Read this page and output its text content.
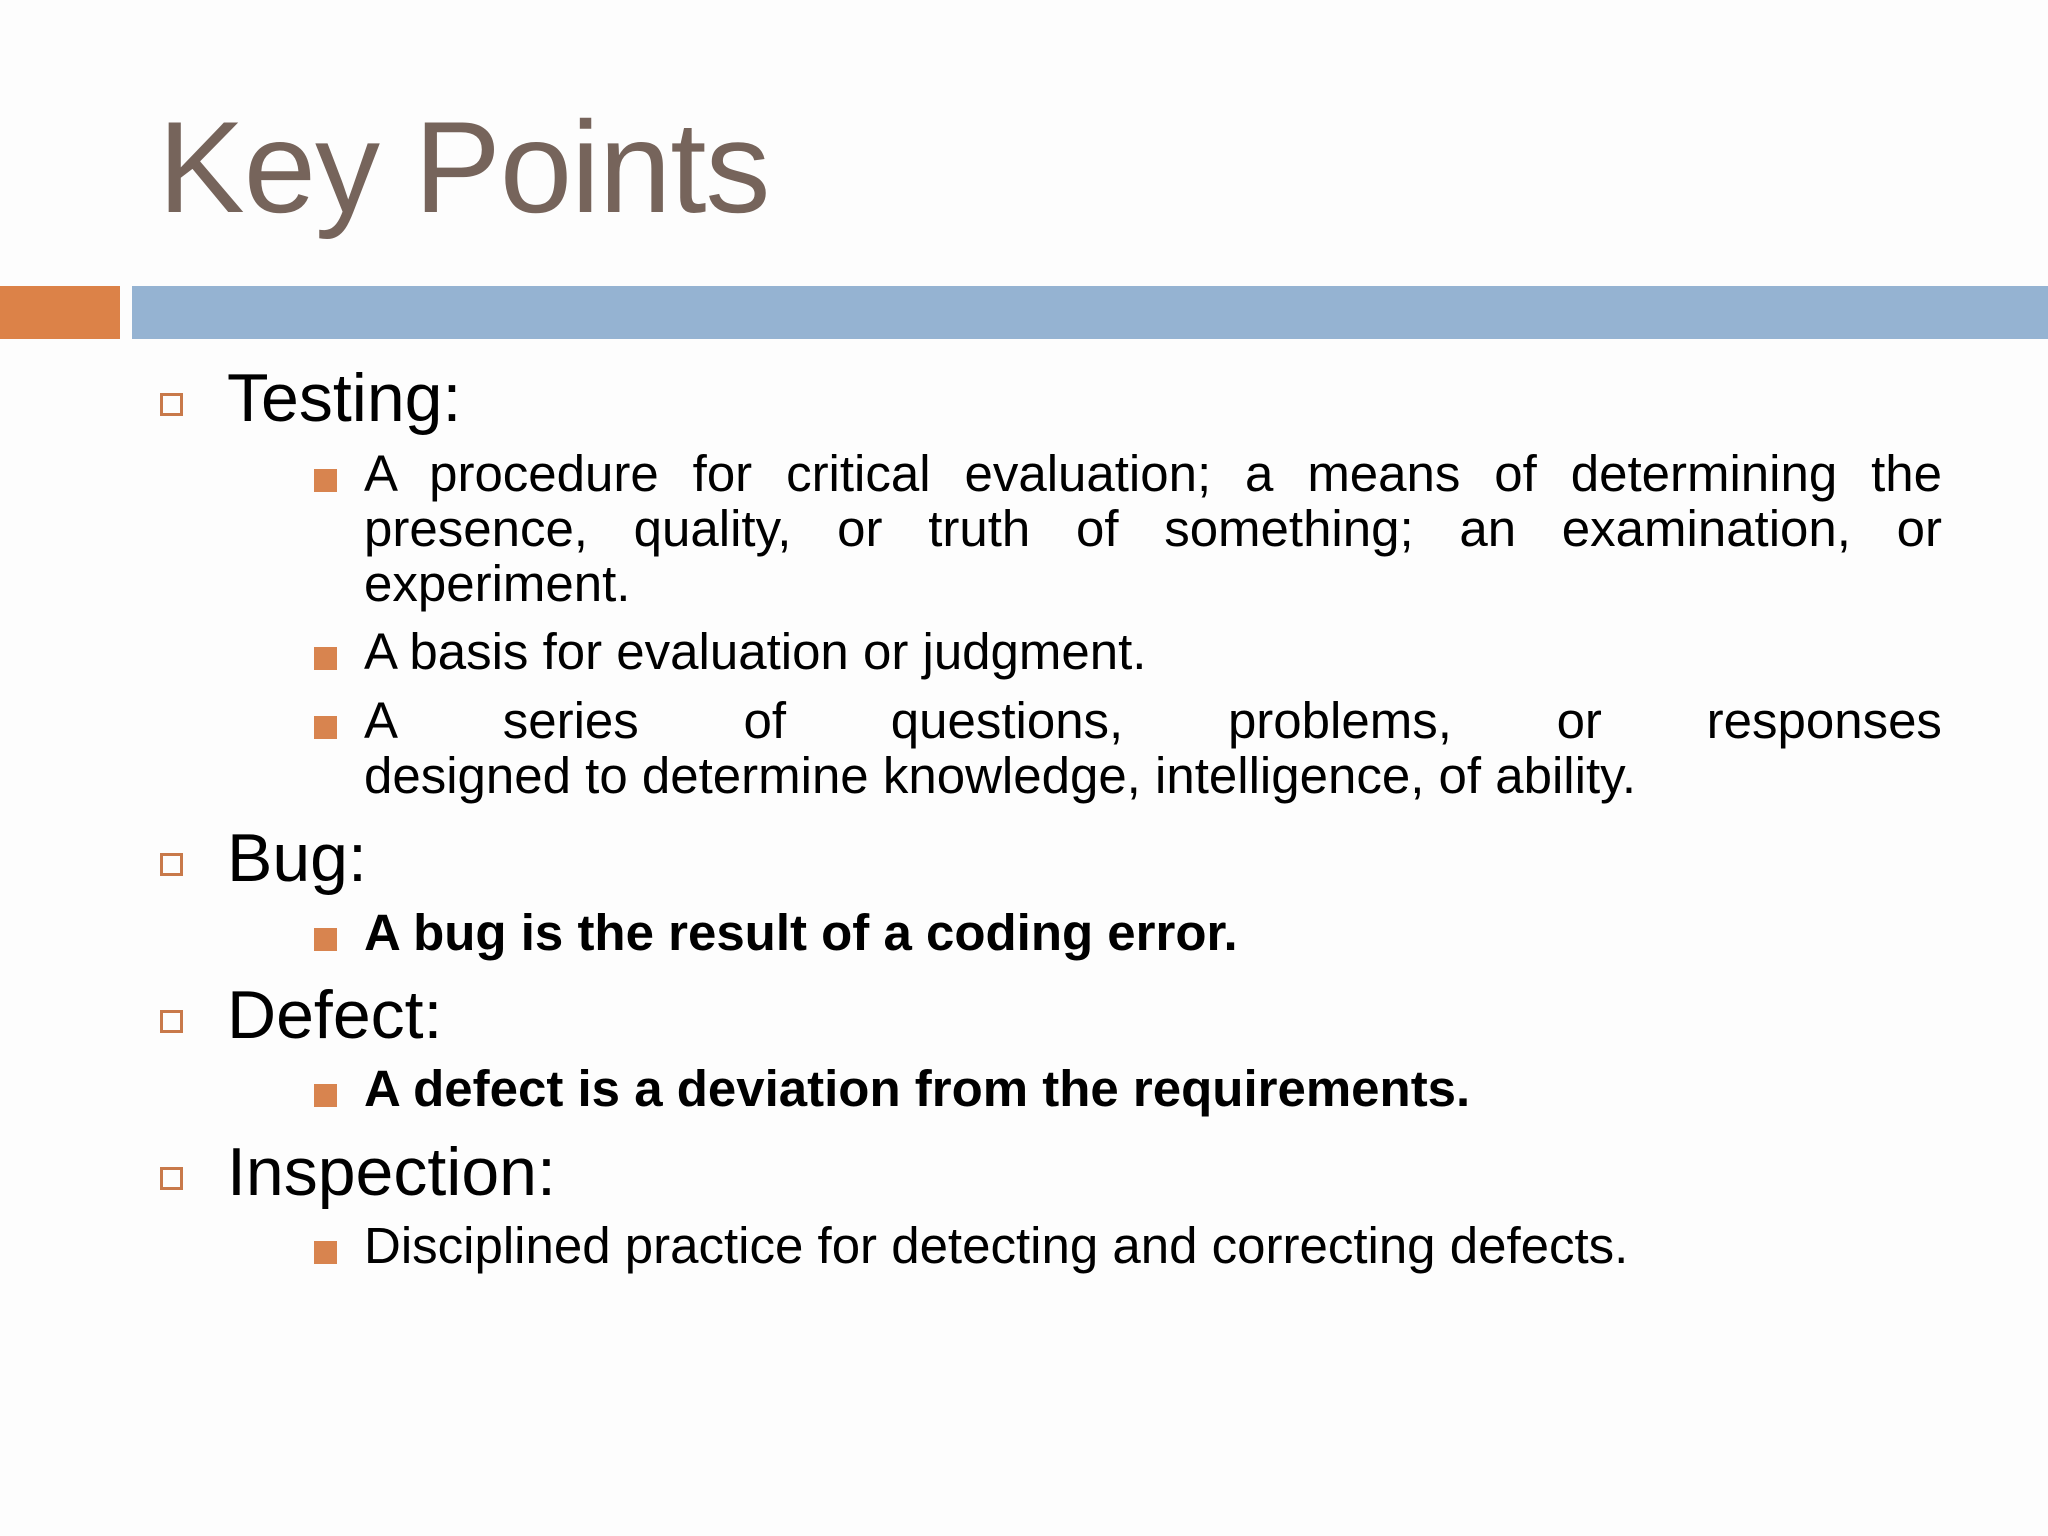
Key Points
Testing:
A procedure for critical evaluation; a means of determining the presence, quality, or truth of something; an examination, or experiment.
A basis for evaluation or judgment.
A series of questions, problems, or responses
designed to determine knowledge, intelligence, of ability.
Bug:
A bug is the result of a coding error.
Defect:
A defect is a deviation from the requirements.
Inspection:
Disciplined practice for detecting and correcting defects.
